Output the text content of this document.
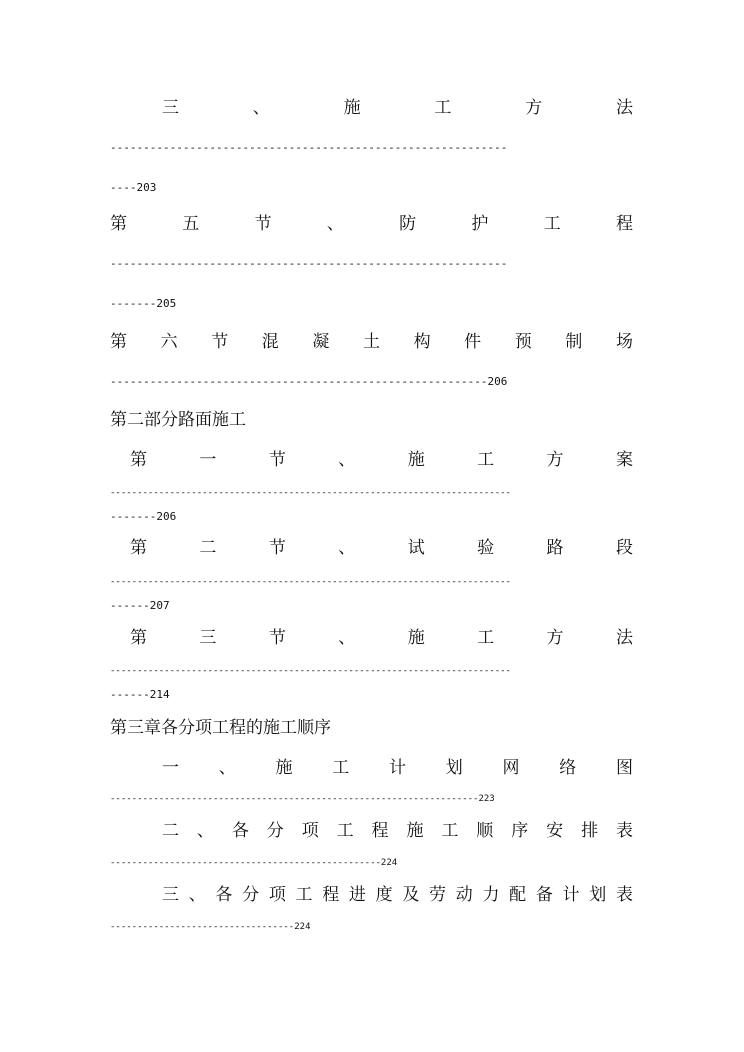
三	、	施	工	方	法
------------------------------------------------------------
----203
第	五	节	、	防	护	工	程
------------------------------------------------------------
-------205
第 六 节 混 凝 土 构 件 预 制 场
---------------------------------------------------------206
第二部分路面施工
第	一	节	、	施	工	方	案
--------------------------------------------------------------------------
-------206
第	二	节	、	试	验	路	段
--------------------------------------------------------------------------
------207
第	三	节	、	施	工	方	法
--------------------------------------------------------------------------
------214
第三章各分项工程的施工顺序
一 、 施 工 计 划 网 络 图
--------------------------------------------------------------------223
二 、 各 分 项 工 程 施 工 顺 序 安 排 表
--------------------------------------------------224
三 、 各 分 项 工 程 进 度 及 劳 动 力 配 备 计 划 表
----------------------------------224
